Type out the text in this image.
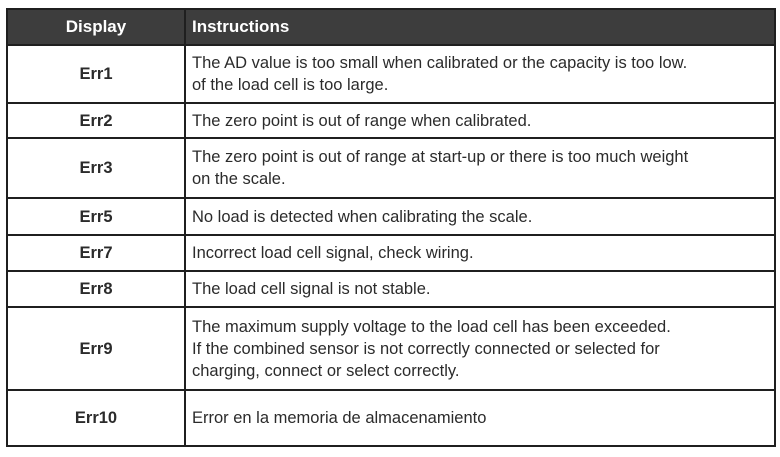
Display	Instructions
Err1	The AD value is too small when calibrated or the capacity is too low.
of the load cell is too large.

Err2	The zero point is out of range when calibrated.

Err3	The zero point is out of range at start-up or there is too much weight
on the scale.

Err5	No load is detected when calibrating the scale.

Err7	Incorrect load cell signal, check wiring.

Err8	The load cell signal is not stable.

Err9	The maximum supply voltage to the load cell has been exceeded.
If the combined sensor is not correctly connected or selected for
charging, connect or select correctly.

Err10	Error en la memoria de almacenamiento
